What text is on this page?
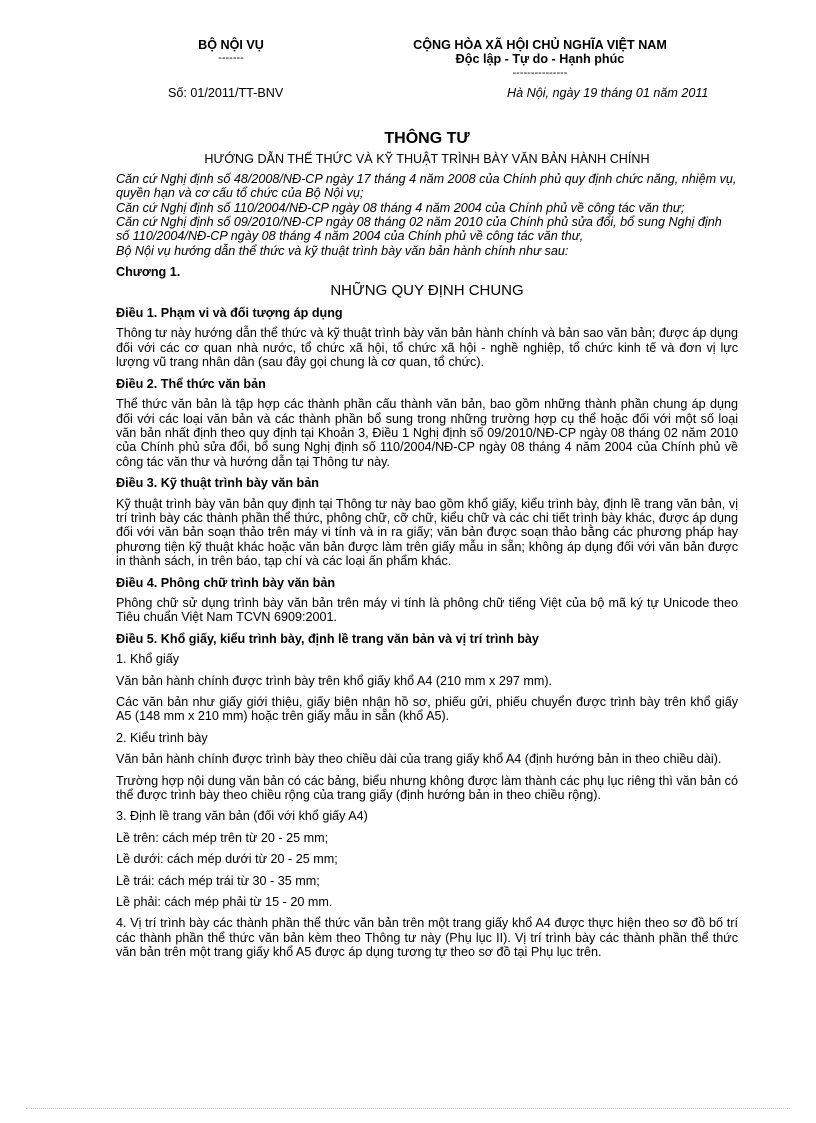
BỘ NỘI VỤ
-------
CỘNG HÒA XÃ HỘI CHỦ NGHĨA VIỆT NAM
Độc lập - Tự do - Hạnh phúc
---------------
Số: 01/2011/TT-BNV	Hà Nội, ngày 19 tháng 01 năm 2011
THÔNG TƯ
HƯỚNG DẪN THỂ THỨC VÀ KỸ THUẬT TRÌNH BÀY VĂN BẢN HÀNH CHÍNH

Căn cứ Nghị định số 48/2008/NĐ-CP ngày 17 tháng 4 năm 2008 của Chính phủ quy định chức năng, nhiệm vụ, quyền hạn và cơ cấu tổ chức của Bộ Nội vụ;

Căn cứ Nghị định số 110/2004/NĐ-CP ngày 08 tháng 4 năm 2004 của Chính phủ về công tác văn thư;

Căn cứ Nghị định số 09/2010/NĐ-CP ngày 08 tháng 02 năm 2010 của Chính phủ sửa đổi, bổ sung Nghị định số 110/2004/NĐ-CP ngày 08 tháng 4 năm 2004 của Chính phủ về công tác văn thư,

Bộ Nội vụ hướng dẫn thể thức và kỹ thuật trình bày văn bản hành chính như sau:

Chương 1.
NHỮNG QUY ĐỊNH CHUNG
Điều 1. Phạm vi và đối tượng áp dụng

Thông tư này hướng dẫn thể thức và kỹ thuật trình bày văn bản hành chính và bản sao văn bản; được áp dụng đối với các cơ quan nhà nước, tổ chức xã hội, tổ chức xã hội - nghề nghiệp, tổ chức kinh tế và đơn vị lực lượng vũ trang nhân dân (sau đây gọi chung là cơ quan, tổ chức).

Điều 2. Thể thức văn bản

Thể thức văn bản là tập hợp các thành phần cấu thành văn bản, bao gồm những thành phần chung áp dụng đối với các loại văn bản và các thành phần bổ sung trong những trường hợp cụ thể hoặc đối với một số loại văn bản nhất định theo quy định tại Khoản 3, Điều 1 Nghị định số 09/2010/NĐ-CP ngày 08 tháng 02 năm 2010 của Chính phủ sửa đổi, bổ sung Nghị định số 110/2004/NĐ-CP ngày 08 tháng 4 năm 2004 của Chính phủ về công tác văn thư và hướng dẫn tại Thông tư này.

Điều 3. Kỹ thuật trình bày văn bản

Kỹ thuật trình bày văn bản quy định tại Thông tư này bao gồm khổ giấy, kiểu trình bày, định lề trang văn bản, vị trí trình bày các thành phần thể thức, phông chữ, cỡ chữ, kiểu chữ và các chi tiết trình bày khác, được áp dụng đối với văn bản soạn thảo trên máy vi tính và in ra giấy; văn bản được soạn thảo bằng các phương pháp hay phương tiện kỹ thuật khác hoặc văn bản được làm trên giấy mẫu in sẵn; không áp dụng đối với văn bản được in thành sách, in trên báo, tạp chí và các loại ấn phẩm khác.

Điều 4. Phông chữ trình bày văn bản

Phông chữ sử dụng trình bày văn bản trên máy vi tính là phông chữ tiếng Việt của bộ mã ký tự Unicode theo Tiêu chuẩn Việt Nam TCVN 6909:2001.

Điều 5. Khổ giấy, kiểu trình bày, định lề trang văn bản và vị trí trình bày

1. Khổ giấy

Văn bản hành chính được trình bày trên khổ giấy khổ A4 (210 mm x 297 mm).

Các văn bản như giấy giới thiệu, giấy biên nhận hồ sơ, phiếu gửi, phiếu chuyển được trình bày trên khổ giấy A5 (148 mm x 210 mm) hoặc trên giấy mẫu in sẵn (khổ A5).

2. Kiểu trình bày

Văn bản hành chính được trình bày theo chiều dài của trang giấy khổ A4 (định hướng bản in theo chiều dài).

Trường hợp nội dung văn bản có các bảng, biểu nhưng không được làm thành các phụ lục riêng thì văn bản có thể được trình bày theo chiều rộng của trang giấy (định hướng bản in theo chiều rộng).

3. Định lề trang văn bản (đối với khổ giấy A4)

Lề trên: cách mép trên từ 20 - 25 mm;

Lề dưới: cách mép dưới từ 20 - 25 mm;

Lề trái: cách mép trái từ 30 - 35 mm;

Lề phải: cách mép phải từ 15 - 20 mm.

4. Vị trí trình bày các thành phần thể thức văn bản trên một trang giấy khổ A4 được thực hiện theo sơ đồ bố trí các thành phần thể thức văn bản kèm theo Thông tư này (Phụ lục II). Vị trí trình bày các thành phần thể thức văn bản trên một trang giấy khổ A5 được áp dụng tương tự theo sơ đồ tại Phụ lục trên.
